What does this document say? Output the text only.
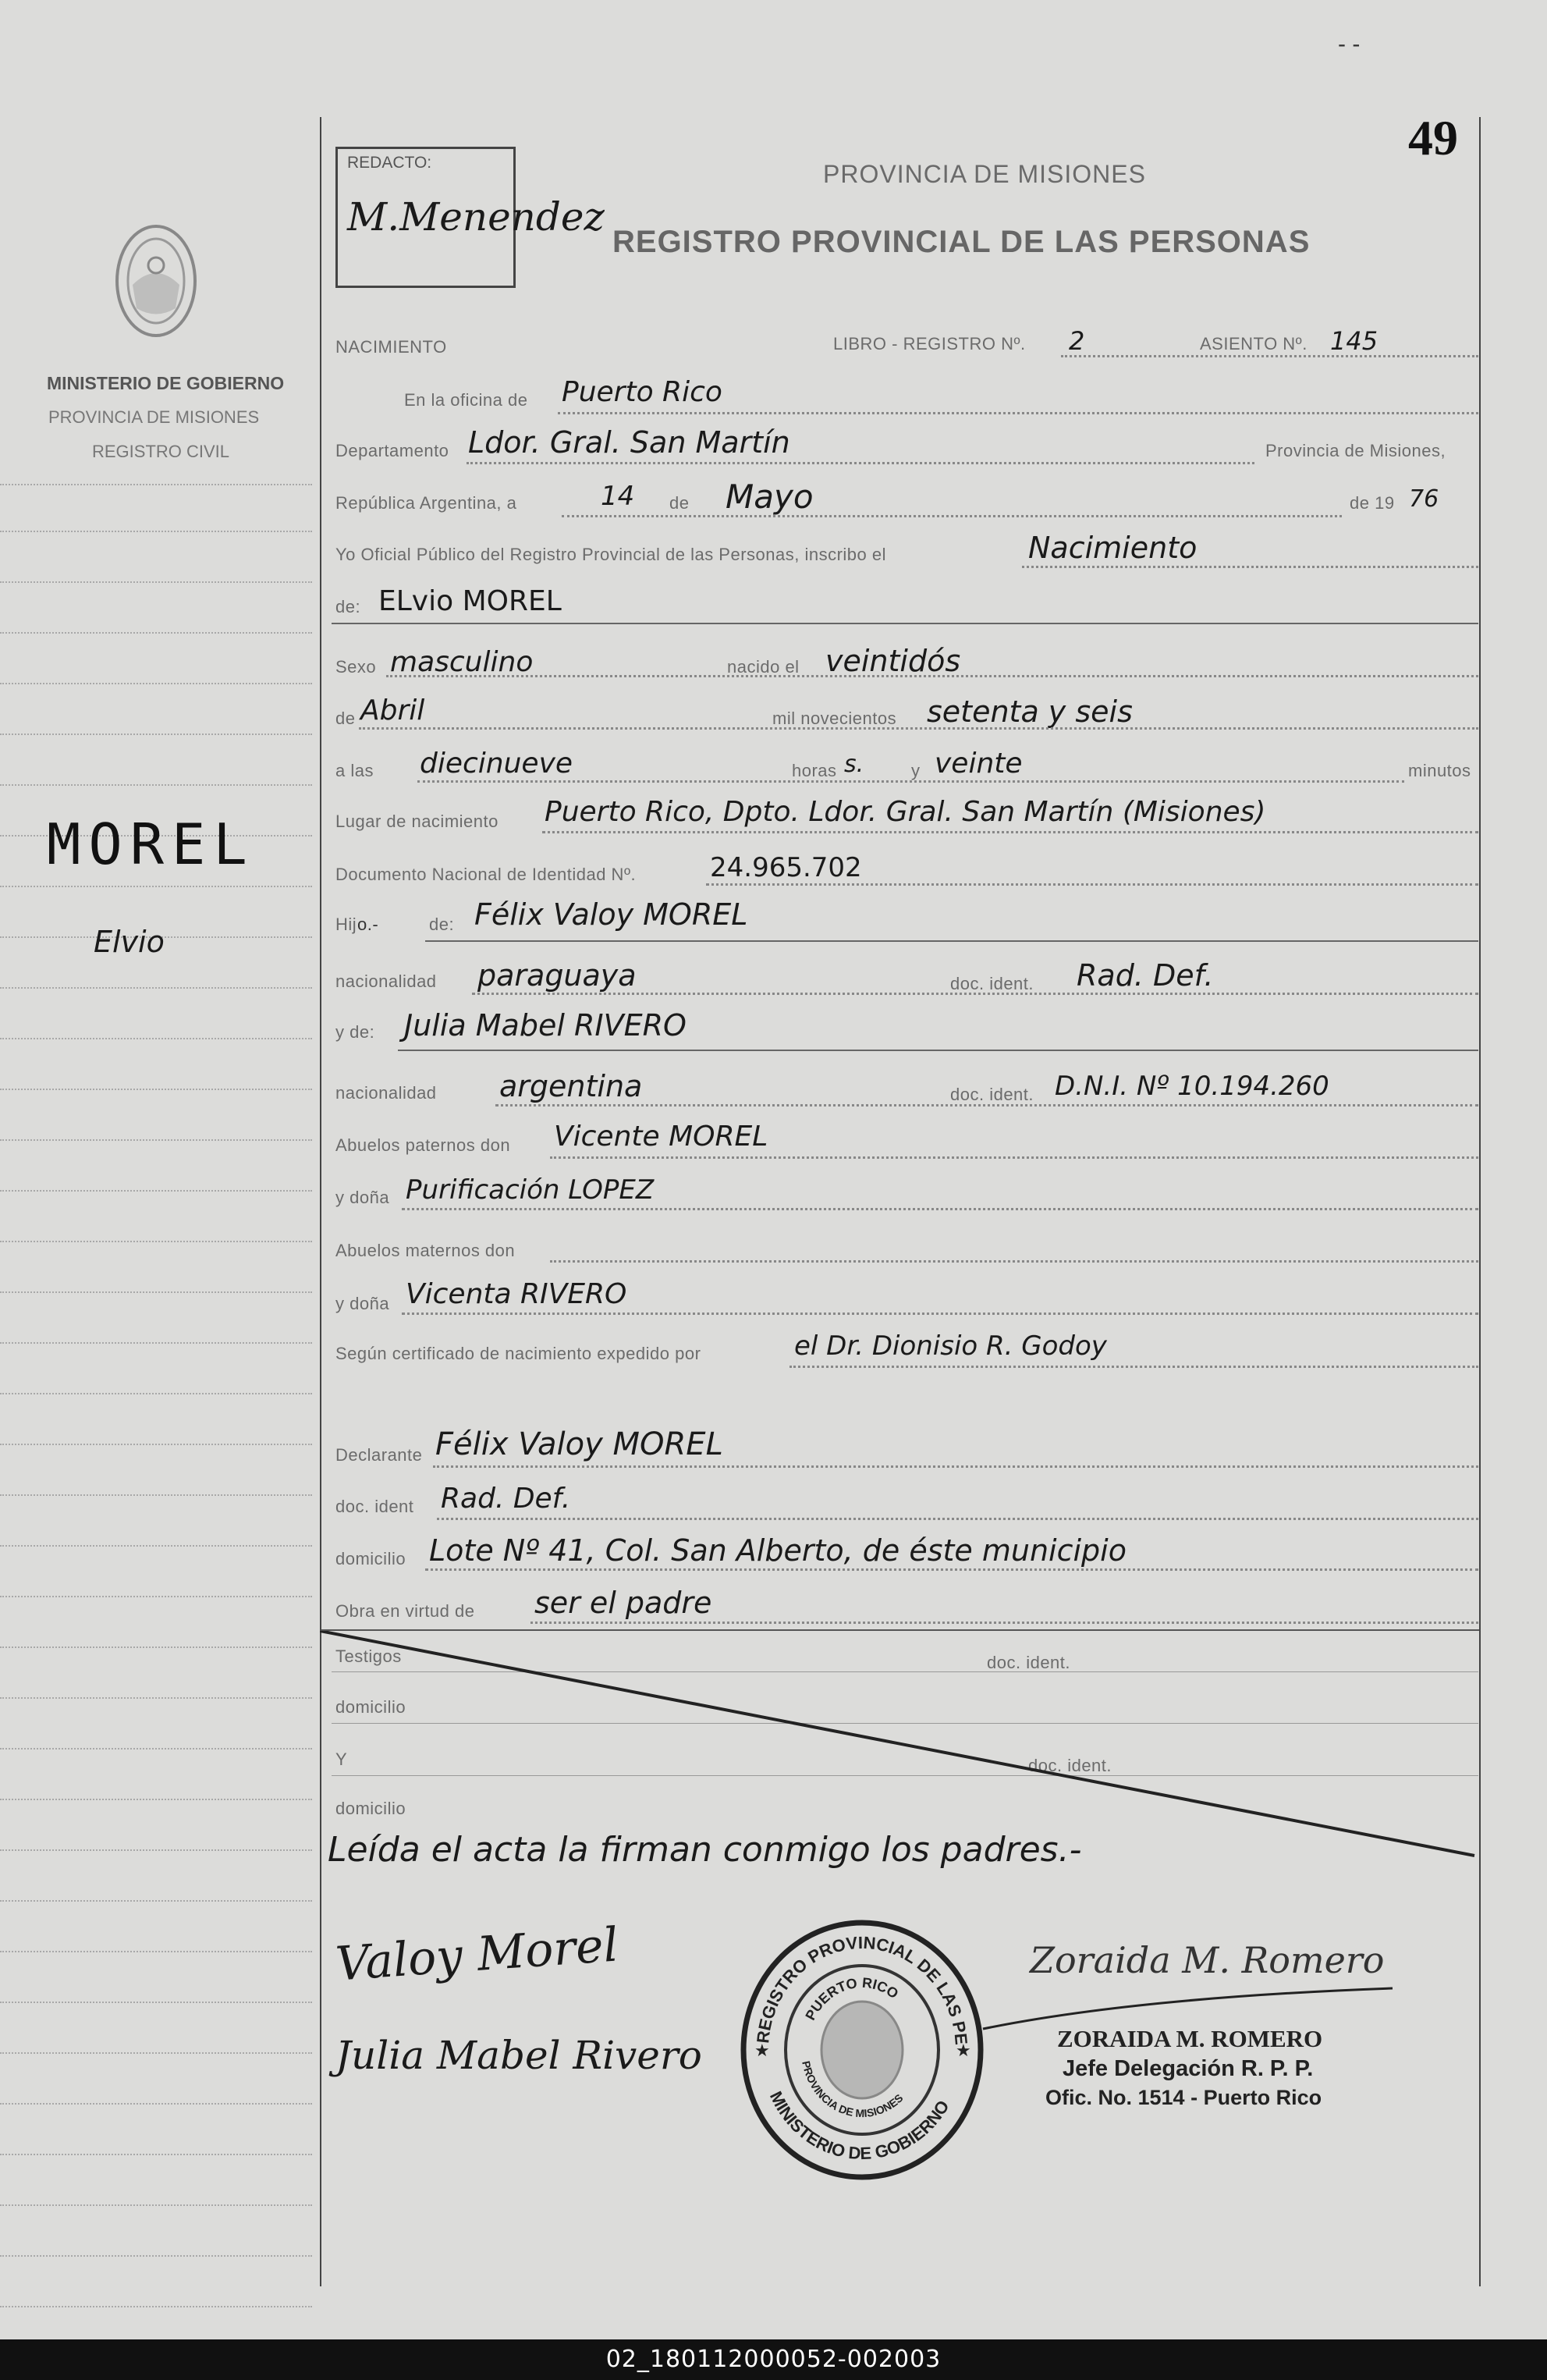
- -
49
REDACTO:
M.Menendez
PROVINCIA DE MISIONES
REGISTRO PROVINCIAL DE LAS PERSONAS
MINISTERIO DE GOBIERNO
PROVINCIA DE MISIONES
REGISTRO CIVIL
MOREL
Elvio
NACIMIENTO	LIBRO - REGISTRO Nº. 2	ASIENTO Nº. 145
En la oficina de Puerto Rico
Departamento Ldor. Gral. San Martín	Provincia de Misiones,
República Argentina, a	14 de Mayo	de 19 76
Yo Oficial Público del Registro Provincial de las Personas, inscribo el	Nacimiento
de: ELvio MOREL
Sexo masculino	nacido el veintidós
de Abril	mil novecientos setenta y seis
a las diecinueve	horas s.	y veinte	minutos
Lugar de nacimiento Puerto Rico, Dpto. Ldor. Gral. San Martín (Misiones)
Documento Nacional de Identidad Nº.	24.965.702
Hij o.-	de: Félix Valoy MOREL
nacionalidad paraguaya	doc. ident. Rad. Def.
y de: Julia Mabel RIVERO
nacionalidad argentina	doc. ident. D.N.I. Nº 10.194.260
Abuelos paternos don Vicente MOREL
y doña Purificación LOPEZ
Abuelos maternos don
y doña Vicenta RIVERO
Según certificado de nacimiento expedido por	el Dr. Dionisio R. Godoy
Declarante Félix Valoy MOREL
doc. ident Rad. Def.
domicilio Lote Nº 41, Col. San Alberto, de éste municipio
Obra en virtud de ser el padre
Testigos	doc. ident.
domicilio
Y	doc. ident.
domicilio
Leída el acta la firman conmigo los padres.-
Valoy Morel
Julia Mabel Rivero
Zoraida M. Romero
REGISTRO PROVINCIAL DE LAS PE
MINISTERIO DE GOBIERNO
PUERTO RICO
PROVINCIA DE MISIONES
★	★	ZORAIDA M. ROMERO
Jefe Delegación R. P. P.
Ofic. No. 1514 - Puerto Rico
02_180112000052-002003
